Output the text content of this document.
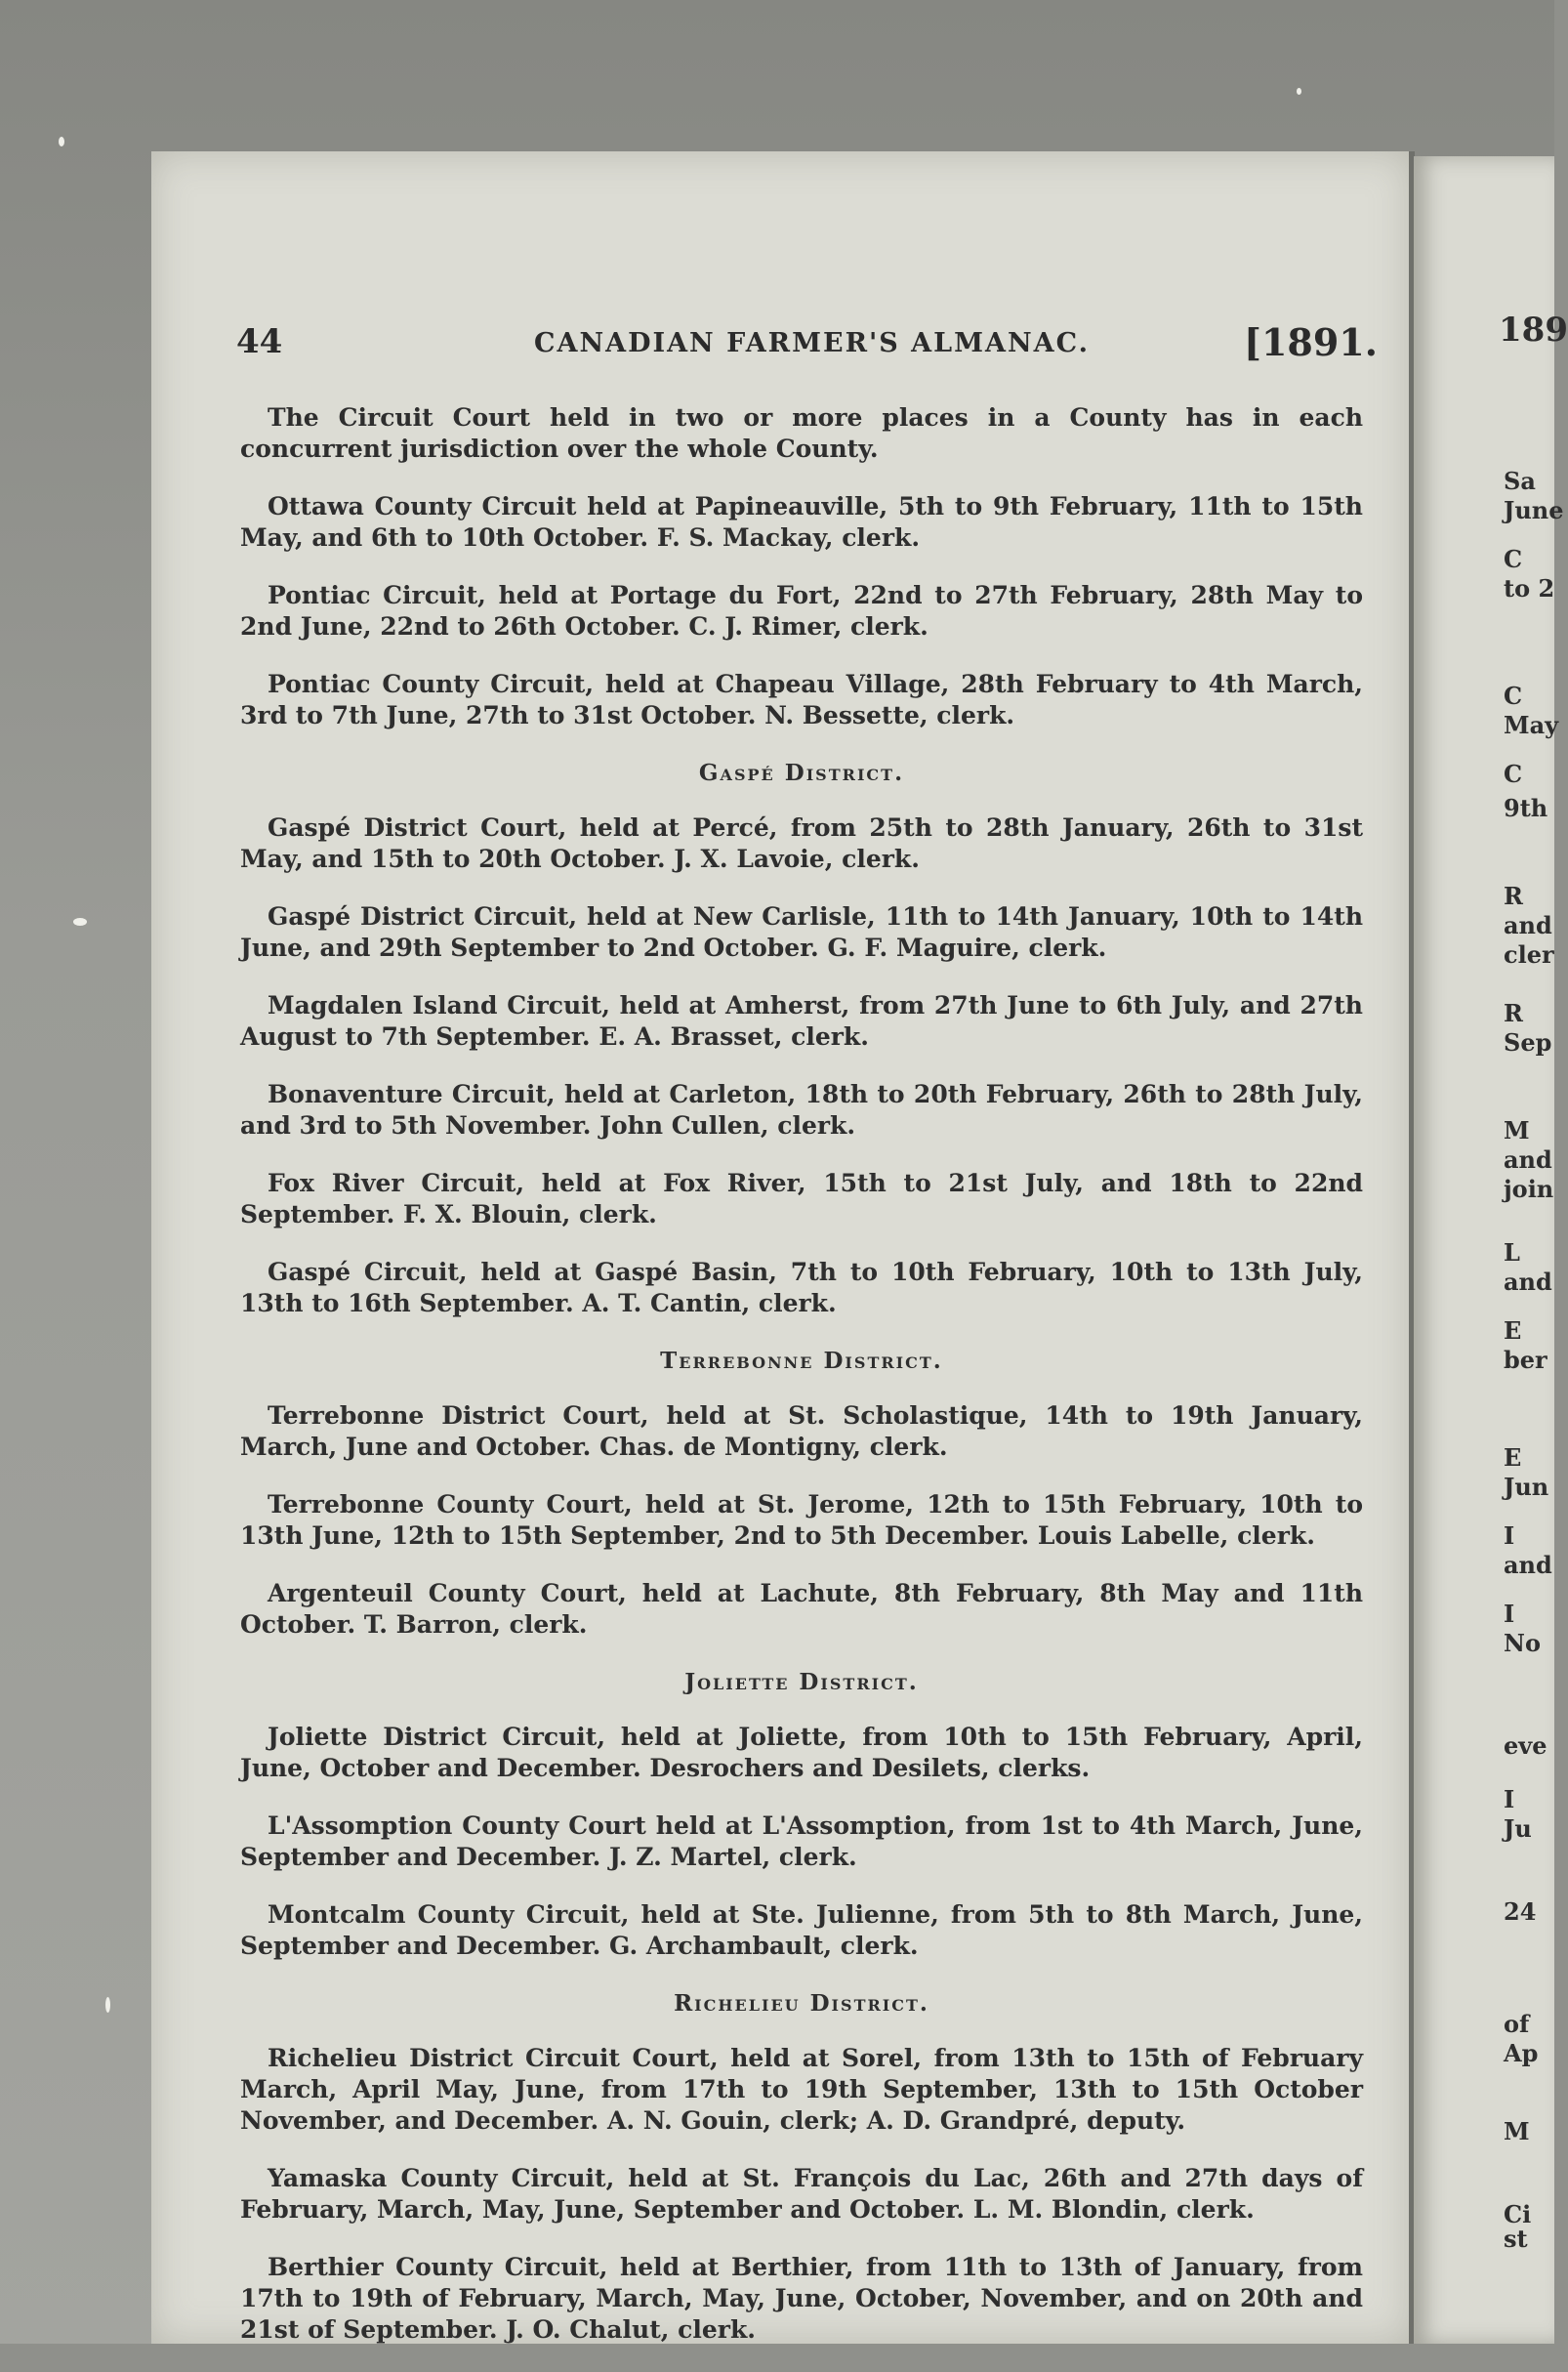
44	CANADIAN FARMER'S ALMANAC.	[1891.
The Circuit Court held in two or more places in a County has in each concurrent jurisdiction over the whole County.
Ottawa County Circuit held at Papineauville, 5th to 9th February, 11th to 15th May, and 6th to 10th October. F. S. Mackay, clerk.
Pontiac Circuit, held at Portage du Fort, 22nd to 27th February, 28th May to 2nd June, 22nd to 26th October. C. J. Rimer, clerk.
Pontiac County Circuit, held at Chapeau Village, 28th February to 4th March, 3rd to 7th June, 27th to 31st October. N. Bessette, clerk.
Gaspé District.
Gaspé District Court, held at Percé, from 25th to 28th January, 26th to 31st May, and 15th to 20th October. J. X. Lavoie, clerk.
Gaspé District Circuit, held at New Carlisle, 11th to 14th January, 10th to 14th June, and 29th September to 2nd October. G. F. Maguire, clerk.
Magdalen Island Circuit, held at Amherst, from 27th June to 6th July, and 27th August to 7th September. E. A. Brasset, clerk.
Bonaventure Circuit, held at Carleton, 18th to 20th February, 26th to 28th July, and 3rd to 5th November. John Cullen, clerk.
Fox River Circuit, held at Fox River, 15th to 21st July, and 18th to 22nd September. F. X. Blouin, clerk.
Gaspé Circuit, held at Gaspé Basin, 7th to 10th February, 10th to 13th July, 13th to 16th September. A. T. Cantin, clerk.
Terrebonne District.
Terrebonne District Court, held at St. Scholastique, 14th to 19th January, March, June and October. Chas. de Montigny, clerk.
Terrebonne County Court, held at St. Jerome, 12th to 15th February, 10th to 13th June, 12th to 15th September, 2nd to 5th December. Louis Labelle, clerk.
Argenteuil County Court, held at Lachute, 8th February, 8th May and 11th October. T. Barron, clerk.
Joliette District.
Joliette District Circuit, held at Joliette, from 10th to 15th February, April, June, October and December. Desrochers and Desilets, clerks.
L'Assomption County Court held at L'Assomption, from 1st to 4th March, June, September and December. J. Z. Martel, clerk.
Montcalm County Circuit, held at Ste. Julienne, from 5th to 8th March, June, September and December. G. Archambault, clerk.
Richelieu District.
Richelieu District Circuit Court, held at Sorel, from 13th to 15th of February March, April May, June, from 17th to 19th September, 13th to 15th October November, and December. A. N. Gouin, clerk; A. D. Grandpré, deputy.
Yamaska County Circuit, held at St. François du Lac, 26th and 27th days of February, March, May, June, September and October. L. M. Blondin, clerk.
Berthier County Circuit, held at Berthier, from 11th to 13th of January, from 17th to 19th of February, March, May, June, October, November, and on 20th and 21st of September. J. O. Chalut, clerk.
189
Sa
June
C
to 2
C
May
C
9th
R
and
cler
R
Sep
M
and
join
L
and
E
ber
E
Jun
I
and
I
No
eve
I
Ju
24
of
Ap
M
Ci
st
